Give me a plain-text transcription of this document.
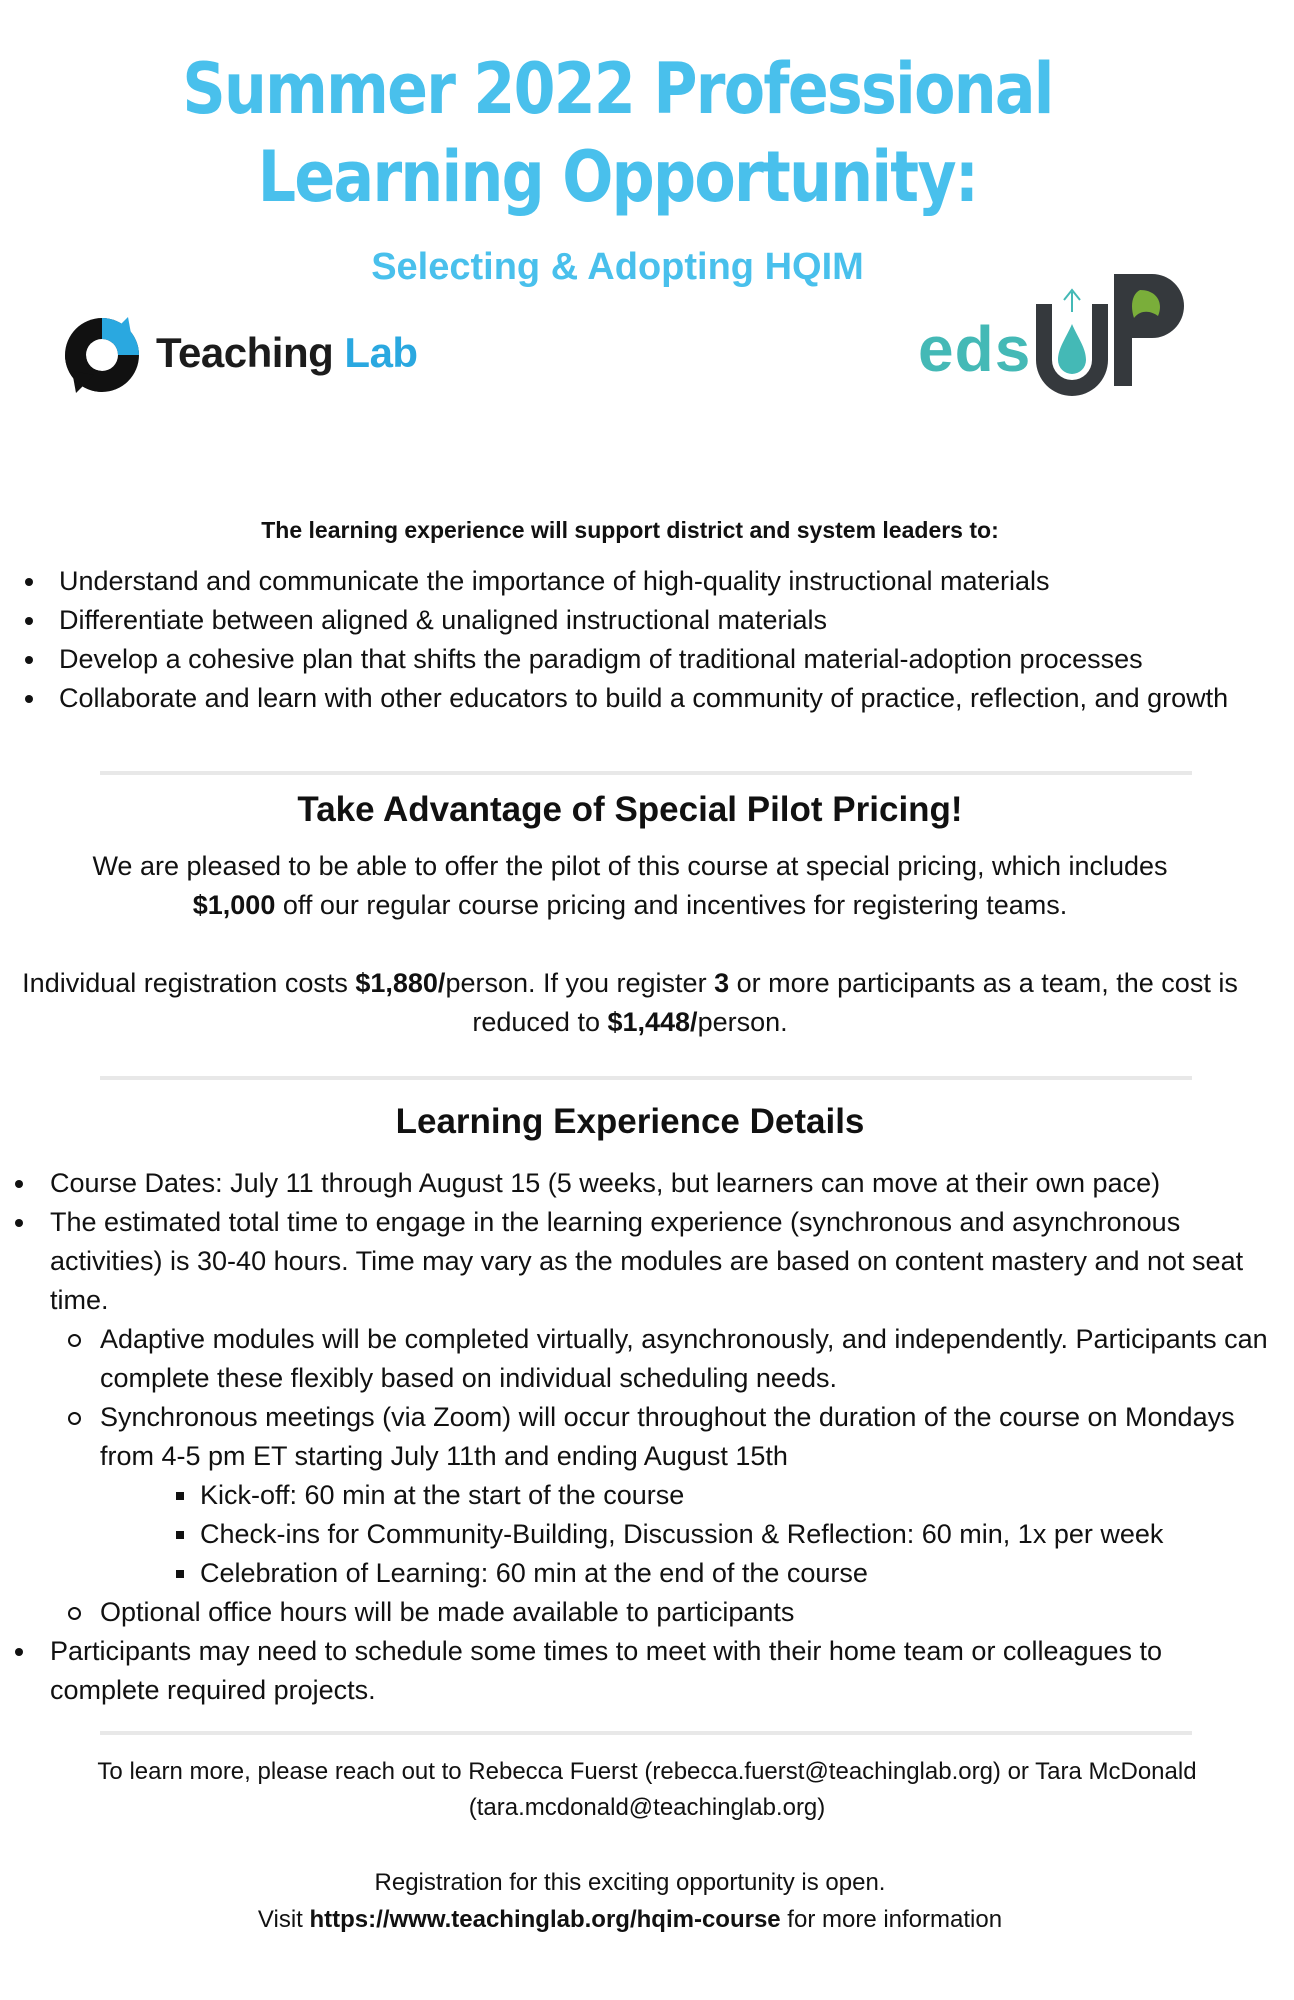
Summer 2022 Professional
Learning Opportunity:
Selecting & Adopting HQIM
Teaching Lab	eds
The learning experience will support district and system leaders to:
Understand and communicate the importance of high-quality instructional materials
Differentiate between aligned & unaligned instructional materials
Develop a cohesive plan that shifts the paradigm of traditional material-adoption processes
Collaborate and learn with other educators to build a community of practice, reflection, and growth
Take Advantage of Special Pilot Pricing!
We are pleased to be able to offer the pilot of this course at special pricing, which includes
$1,000 off our regular course pricing and incentives for registering teams.
Individual registration costs $1,880/person. If you register 3 or more participants as a team, the cost is reduced to $1,448/person.
Learning Experience Details
Course Dates: July 11 through August 15 (5 weeks, but learners can move at their own pace)
The estimated total time to engage in the learning experience (synchronous and asynchronous activities) is 30-40 hours. Time may vary as the modules are based on content mastery and not seat time.
Adaptive modules will be completed virtually, asynchronously, and independently. Participants can complete these flexibly based on individual scheduling needs.
Synchronous meetings (via Zoom) will occur throughout the duration of the course on Mondays from 4-5 pm ET starting July 11th and ending August 15th
Kick-off: 60 min at the start of the course
Check-ins for Community-Building, Discussion & Reflection: 60 min, 1x per week
Celebration of Learning: 60 min at the end of the course
Optional office hours will be made available to participants
Participants may need to schedule some times to meet with their home team or colleagues to complete required projects.
To learn more, please reach out to Rebecca Fuerst (rebecca.fuerst@teachinglab.org) or Tara McDonald (tara.mcdonald@teachinglab.org)
Registration for this exciting opportunity is open.
Visit https://www.teachinglab.org/hqim-course for more information
